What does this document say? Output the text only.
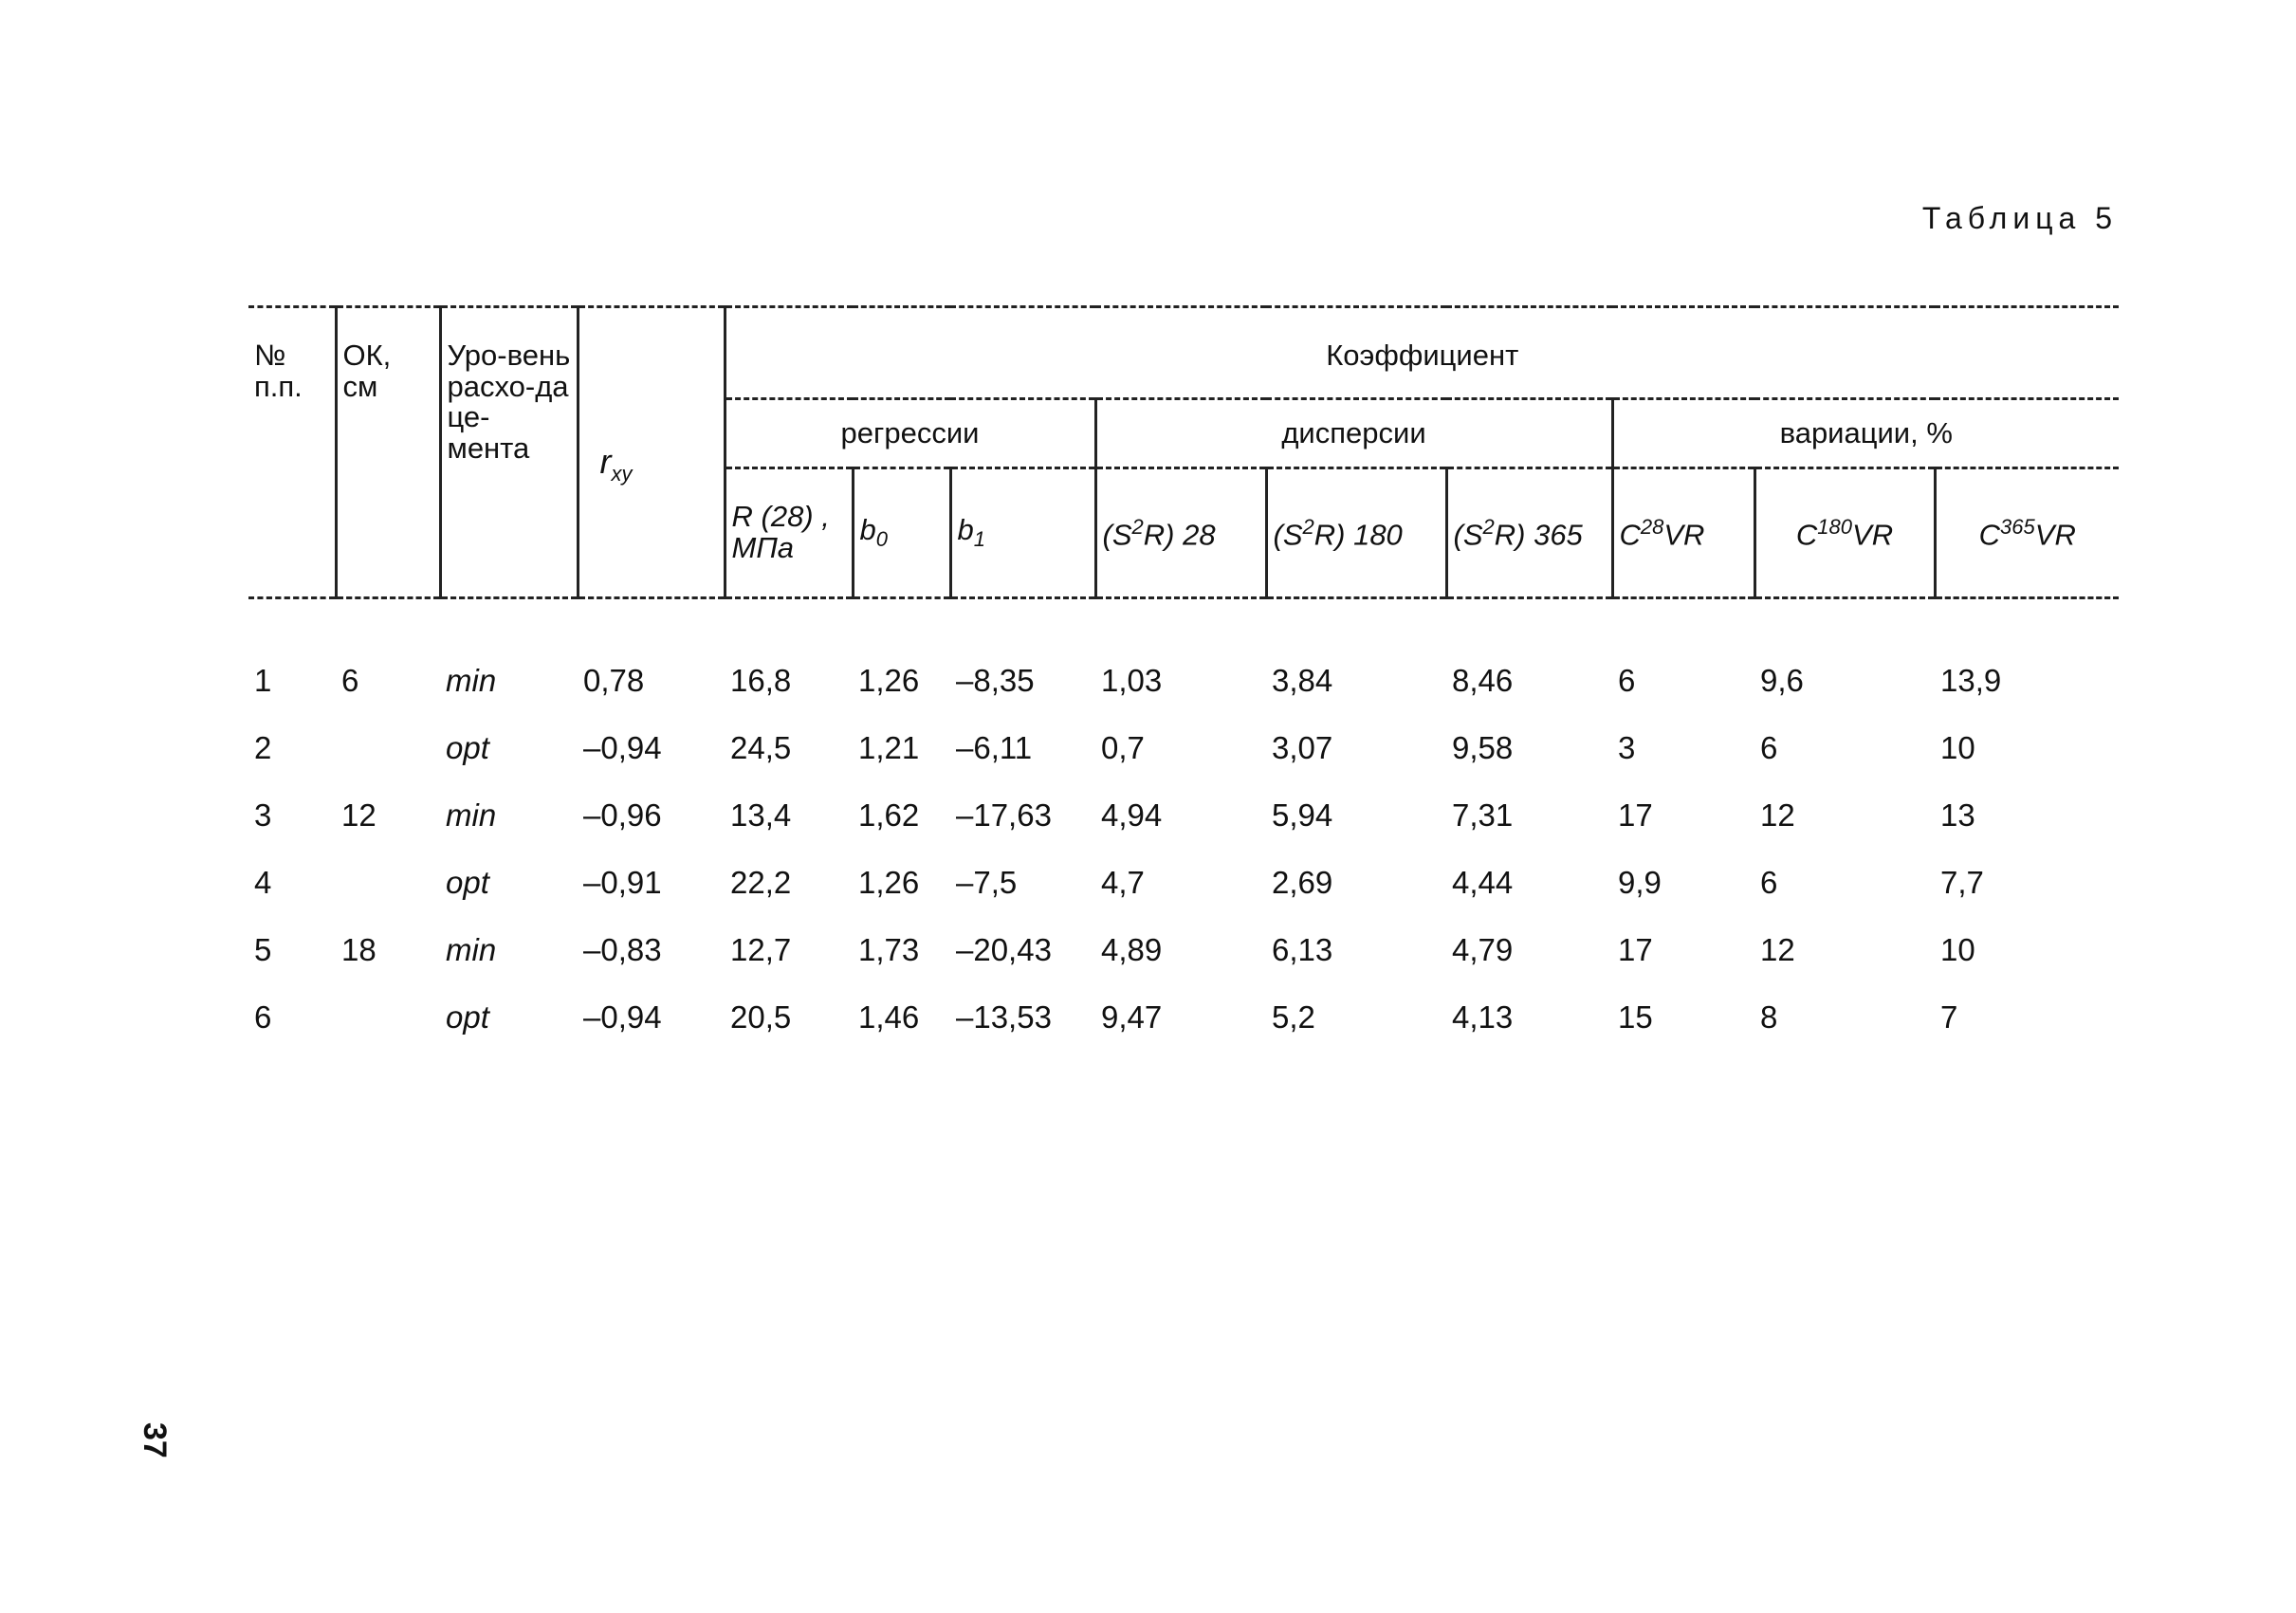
Таблица 5
№ п.п.	ОК, см	Уро-вень расхо-да це-мента	$r_{xy}$	Коэффициент								
				регрессии			дисперсии			вариации, %		
				R (28) , МПа	$b_0$	$b_1$	$(S^2R)$ 28	$(S^2R)$ 180	$(S^2R)$ 365	$C^{28}VR$	$C^{180}VR$	$C^{365}VR$
1	6	min	0,78	16,8	1,26	–8,35	1,03	3,84	8,46	6	9,6	13,9
2		opt	–0,94	24,5	1,21	–6,11	0,7	3,07	9,58	3	6	10
3	12	min	–0,96	13,4	1,62	–17,63	4,94	5,94	7,31	17	12	13
4		opt	–0,91	22,2	1,26	–7,5	4,7	2,69	4,44	9,9	6	7,7
5	18	min	–0,83	12,7	1,73	–20,43	4,89	6,13	4,79	17	12	10
6		opt	–0,94	20,5	1,46	–13,53	9,47	5,2	4,13	15	8	7
37
